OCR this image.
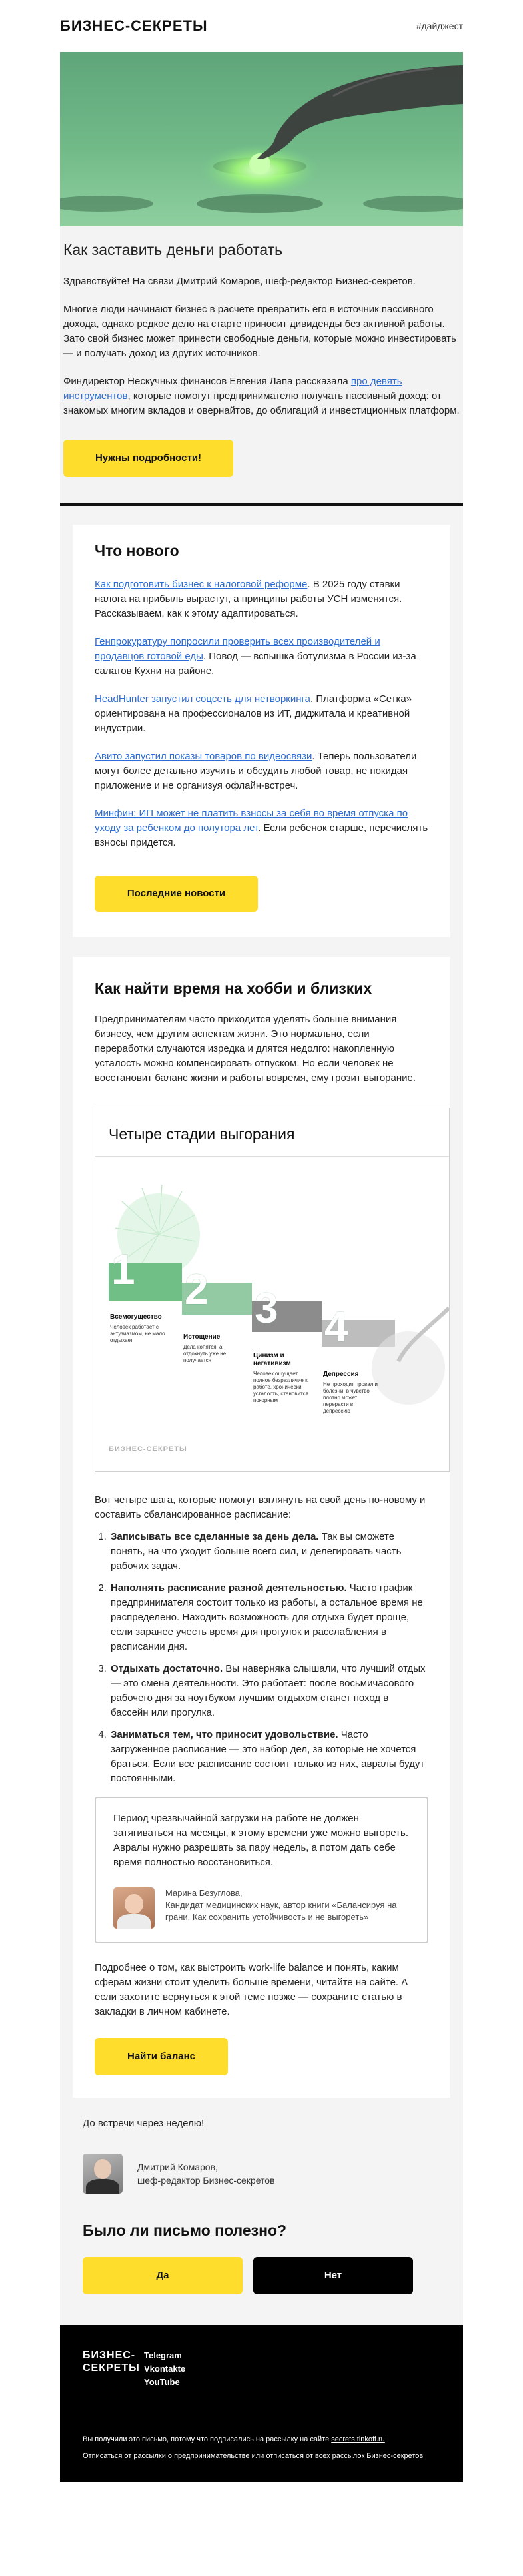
БИЗНЕС-СЕКРЕТЫ	#дайджест
Как заставить деньги работать

Здравствуйте! На связи Дмитрий Комаров, шеф-редактор Бизнес-секретов.

Многие люди начинают бизнес в расчете превратить его в источник пассивного дохода, однако редкое дело на старте приносит дивиденды без активной работы. Зато свой бизнес может принести свободные деньги, которые можно инвестировать — и получать доход из других источников.

Финдиректор Нескучных финансов Евгения Лапа рассказала про девять инструментов, которые помогут предпринимателю получать пассивный доход: от знакомых многим вкладов и овернайтов, до облигаций и инвестиционных платформ.

Нужны подробности!
Что нового

Как подготовить бизнес к налоговой реформе. В 2025 году ставки налога на прибыль вырастут, а принципы работы УСН изменятся. Рассказываем, как к этому адаптироваться.

Генпрокуратуру попросили проверить всех производителей и продавцов готовой еды. Повод — вспышка ботулизма в России из-за салатов Кухни на районе.

HeadHunter запустил соцсеть для нетворкинга. Платформа «Сетка» ориентирована на профессионалов из ИТ, диджитала и креативной индустрии.

Авито запустил показы товаров по видеосвязи. Теперь пользователи могут более детально изучить и обсудить любой товар, не покидая приложение и не организуя офлайн-встреч.

Минфин: ИП может не платить взносы за себя во время отпуска по уходу за ребенком до полутора лет. Если ребенок старше, перечислять взносы придется.

Последние новости
Как найти время на хобби и близких

Предпринимателям часто приходится уделять больше внимания бизнесу, чем другим аспектам жизни. Это нормально, если переработки случаются изредка и длятся недолго: накопленную усталость можно компенсировать отпуском. Но если человек не восстановит баланс жизни и работы вовремя, ему грозит выгорание.

Четыре стадии выгорания
1
Всемогущество
Человек работает с энтузиазмом, не мало отдыхает
2
Истощение
Дела копятся, а отдохнуть уже не получается
3
Цинизм и негативизм
Человек ощущает полное безразличие к работе, хронически усталость, становится покорным
4
Депрессия
Не проходит провал и болезни, в чувство плотно может перерасти в депрессию
БИЗНЕС-СЕКРЕТЫ

Вот четыре шага, которые помогут взглянуть на свой день по-новому и составить сбалансированное расписание:

1. Записывать все сделанные за день дела. Так вы сможете понять, на что уходит больше всего сил, и делегировать часть рабочих задач.
2. Наполнять расписание разной деятельностью. Часто график предпринимателя состоит только из работы, а остальное время не распределено. Находить возможность для отдыха будет проще, если заранее учесть время для прогулок и расслабления в расписании дня.
3. Отдыхать достаточно. Вы наверняка слышали, что лучший отдых — это смена деятельности. Это работает: после восьмичасового рабочего дня за ноутбуком лучшим отдыхом станет поход в бассейн или прогулка.
4. Заниматься тем, что приносит удовольствие. Часто загруженное расписание — это набор дел, за которые не хочется браться. Если все расписание состоит только из них, авралы будут постоянными.

Период чрезвычайной загрузки на работе не должен затягиваться на месяцы, к этому времени уже можно выгореть. Авралы нужно разрешать за пару недель, а потом дать себе время полностью восстановиться.

Марина Безуглова,
Кандидат медицинских наук, автор книги «Балансируя на грани. Как сохранить устойчивость и не выгореть»

Подробнее о том, как выстроить work-life balance и понять, каким сферам жизни стоит уделить больше времени, читайте на сайте. А если захотите вернуться к этой теме позже — сохраните статью в закладки в личном кабинете.

Найти баланс

До встречи через неделю!

Дмитрий Комаров,
шеф-редактор Бизнес-секретов
Было ли письмо полезно?
Да	Нет
БИЗНЕС-
СЕКРЕТЫ
Telegram
Vkontakte
YouTube
Вы получили это письмо, потому что подписались на рассылку на сайте secrets.tinkoff.ru
Отписаться от рассылки о предпринимательстве или отписаться от всех рассылок Бизнес-секретов
